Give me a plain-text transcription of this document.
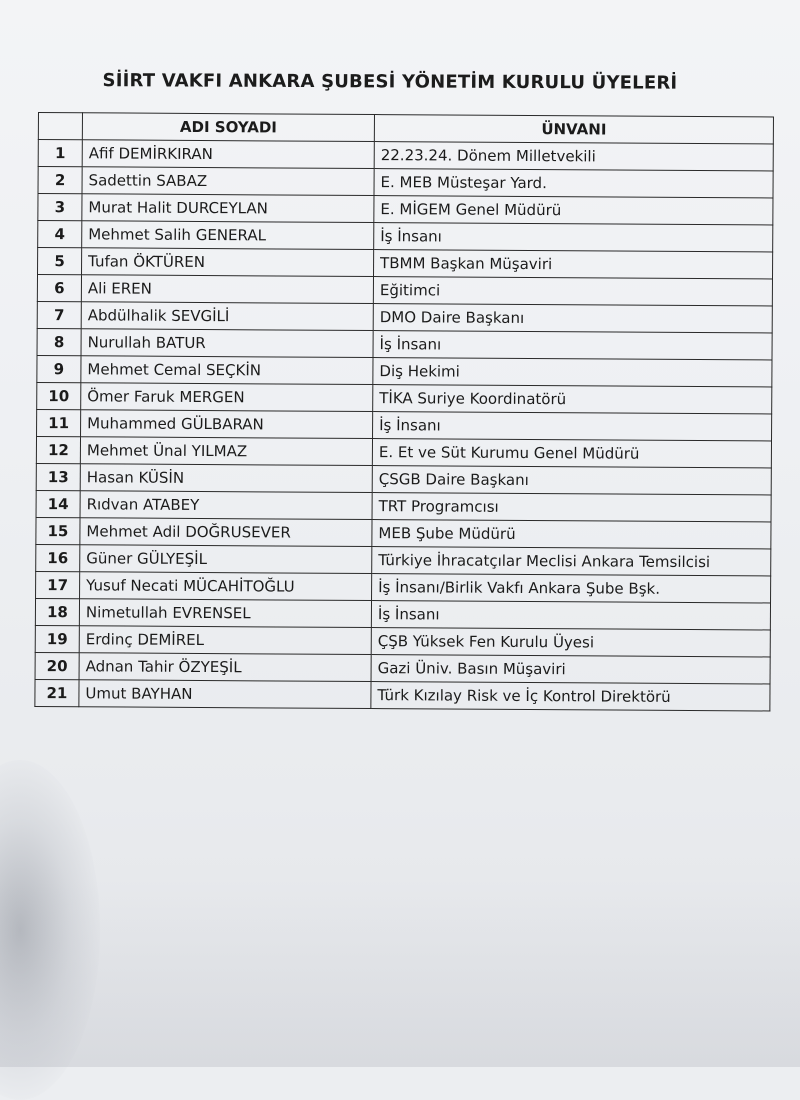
SİİRT VAKFI ANKARA ŞUBESİ YÖNETİM KURULU ÜYELERİ
	ADI SOYADI	ÜNVANI
1	Afif DEMİRKIRAN	22.23.24. Dönem Milletvekili
2	Sadettin SABAZ	E. MEB Müsteşar Yard.
3	Murat Halit DURCEYLAN	E. MİGEM Genel Müdürü
4	Mehmet Salih GENERAL	İş İnsanı
5	Tufan ÖKTÜREN	TBMM Başkan Müşaviri
6	Ali EREN	Eğitimci
7	Abdülhalik SEVGİLİ	DMO Daire Başkanı
8	Nurullah BATUR	İş İnsanı
9	Mehmet Cemal SEÇKİN	Diş Hekimi
10	Ömer Faruk MERGEN	TİKA Suriye Koordinatörü
11	Muhammed GÜLBARAN	İş İnsanı
12	Mehmet Ünal YILMAZ	E. Et ve Süt Kurumu Genel Müdürü
13	Hasan KÜSİN	ÇSGB Daire Başkanı
14	Rıdvan ATABEY	TRT Programcısı
15	Mehmet Adil DOĞRUSEVER	MEB Şube Müdürü
16	Güner GÜLYEŞİL	Türkiye İhracatçılar Meclisi Ankara Temsilcisi
17	Yusuf Necati MÜCAHİTOĞLU	İş İnsanı/Birlik Vakfı Ankara Şube Bşk.
18	Nimetullah EVRENSEL	İş İnsanı
19	Erdinç DEMİREL	ÇŞB Yüksek Fen Kurulu Üyesi
20	Adnan Tahir ÖZYEŞİL	Gazi Üniv. Basın Müşaviri
21	Umut BAYHAN	Türk Kızılay Risk ve İç Kontrol Direktörü
